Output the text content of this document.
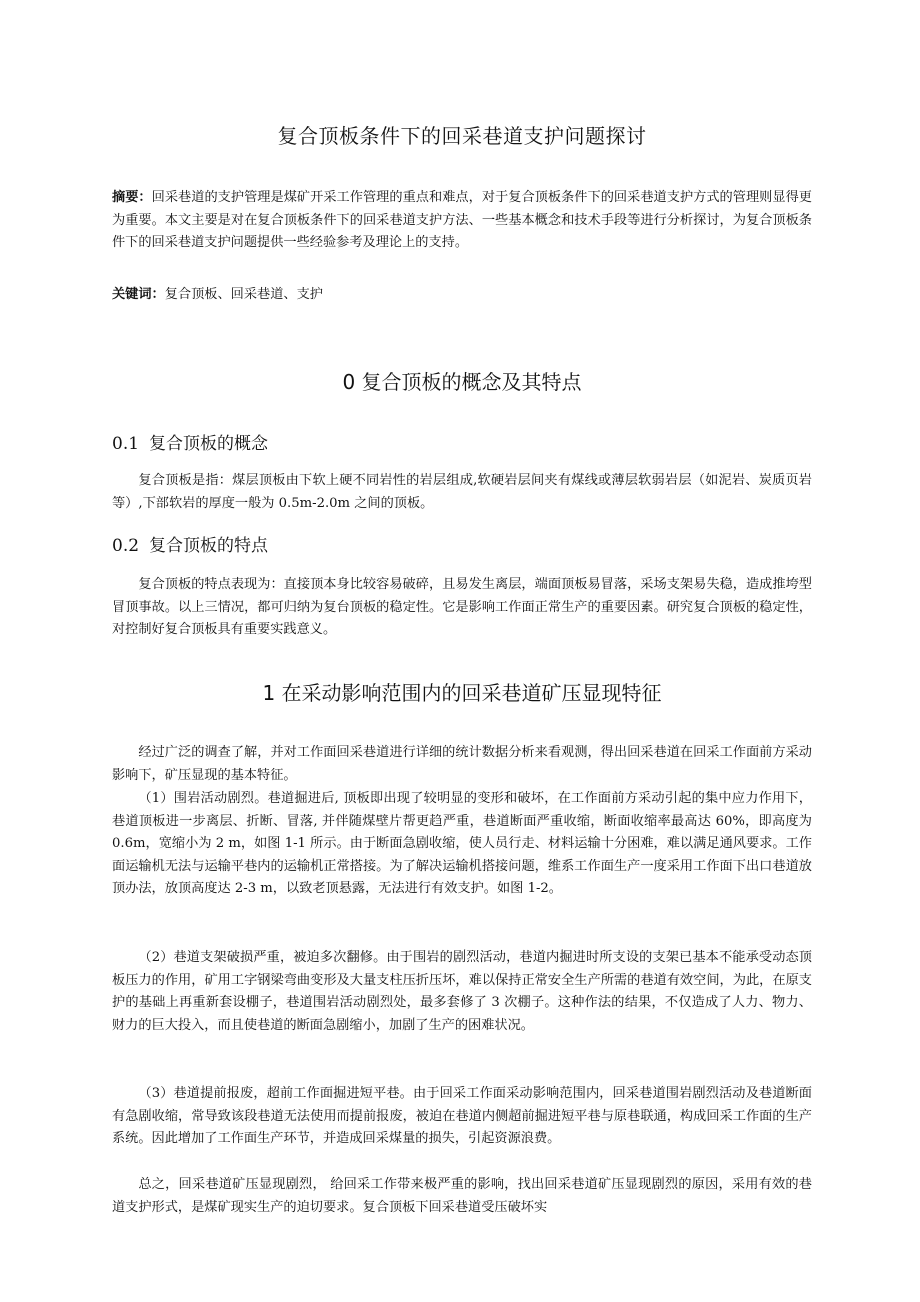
复合顶板条件下的回采巷道支护问题探讨
摘要：回采巷道的支护管理是煤矿开采工作管理的重点和难点，对于复合顶板条件下的回采巷道支护方式的管理则显得更为重要。本文主要是对在复合顶板条件下的回采巷道支护方法、一些基本概念和技术手段等进行分析探讨，为复合顶板条件下的回采巷道支护问题提供一些经验参考及理论上的支持。
关键词：复合顶板、回采巷道、支护
0 复合顶板的概念及其特点
0.1 复合顶板的概念

复合顶板是指：煤层顶板由下软上硬不同岩性的岩层组成,软硬岩层间夹有煤线或薄层软弱岩层（如泥岩、炭质页岩等）,下部软岩的厚度一般为 0.5m-2.0m 之间的顶板。

0.2 复合顶板的特点

复合顶板的特点表现为：直接顶本身比较容易破碎，且易发生离层，端面顶板易冒落，采场支架易失稳，造成推垮型冒顶事故。以上三情况，都可归纳为复台顶板的稳定性。它是影响工作面正常生产的重要因素。研究复合顶板的稳定性，对控制好复合顶板具有重要实践意义。

1 在采动影响范围内的回采巷道矿压显现特征

经过广泛的调查了解，并对工作面回采巷道进行详细的统计数据分析来看观测，得出回采巷道在回采工作面前方采动影响下，矿压显现的基本特征。

（1）围岩活动剧烈。巷道掘进后, 顶板即出现了较明显的变形和破坏，在工作面前方采动引起的集中应力作用下，巷道顶板进一步离层、折断、冒落, 并伴随煤壁片帮更趋严重，巷道断面严重收缩，断面收缩率最高达 60%，即高度为 0.6m，宽缩小为 2 m，如图 1-1 所示。由于断面急剧收缩，使人员行走、材料运输十分困难，难以满足通风要求。工作面运输机无法与运输平巷内的运输机正常搭接。为了解决运输机搭接问题，维系工作面生产一度采用工作面下出口巷道放顶办法，放顶高度达 2-3 m，以致老顶悬露，无法进行有效支护。如图 1-2。

（2）巷道支架破损严重，被迫多次翻修。由于围岩的剧烈活动，巷道内掘进时所支设的支架已基本不能承受动态顶板压力的作用，矿用工字钢梁弯曲变形及大量支柱压折压坏，难以保持正常安全生产所需的巷道有效空间，为此，在原支护的基础上再重新套设棚子，巷道围岩活动剧烈处，最多套修了 3 次棚子。这种作法的结果，不仅造成了人力、物力、财力的巨大投入，而且使巷道的断面急剧缩小，加剧了生产的困难状况。

（3）巷道提前报废，超前工作面掘进短平巷。由于回采工作面采动影响范围内，回采巷道围岩剧烈活动及巷道断面有急剧收缩，常导致该段巷道无法使用而提前报废，被迫在巷道内侧超前掘进短平巷与原巷联通，构成回采工作面的生产系统。因此增加了工作面生产环节，并造成回采煤量的损失，引起资源浪费。

总之，回采巷道矿压显现剧烈， 给回采工作带来极严重的影响，找出回采巷道矿压显现剧烈的原因，采用有效的巷道支护形式，是煤矿现实生产的迫切要求。复合顶板下回采巷道受压破坏实
